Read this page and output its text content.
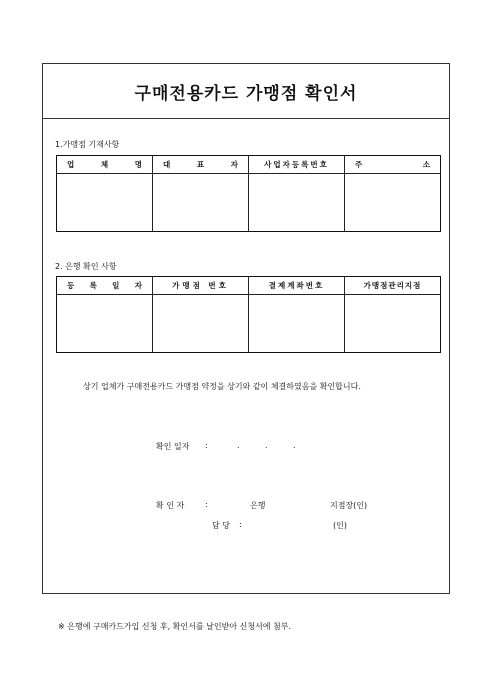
구매전용카드 가맹점 확인서
1.가맹점 기재사항
업 체 명	대 표 자	사업자등록번호	주 소

2. 은행 확인 사항
등 록 일 자	가맹점 번호	결제계좌번호	가맹점관리지점

상기 업체가 구매전용카드 가맹점 약정을 상기와 같이 체결하였음을 확인합니다.
확인 일자 :	.          .          .
확 인 자	:	은행	지점장(인)
담 당 :	(인)
※ 은행에 구매카드가입 신청 후, 확인서를 날인받아 신청서에 첨부.
